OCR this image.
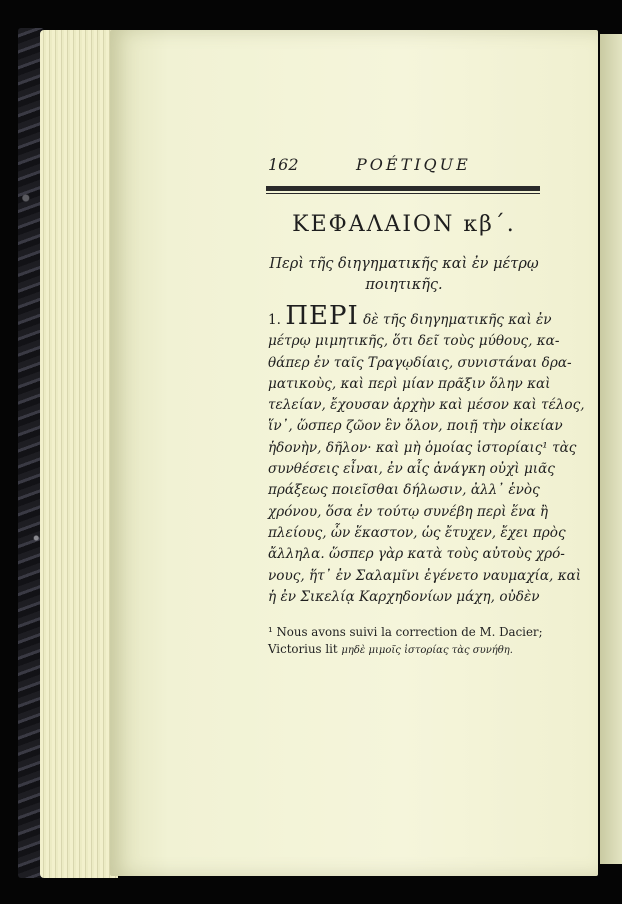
162	POÉTIQUE
ΚΕΦΑΛΑΙΟΝ κβ΄.
Περὶ τῆς διηγηματικῆς καὶ ἐν μέτρῳ
ποιητικῆς.
1. ΠΕΡΙ δὲ τῆς διηγηματικῆς καὶ ἐν
μέτρῳ μιμητικῆς, ὅτι δεῖ τοὺς μύθους, κα-
θάπερ ἐν ταῖς Τραγῳδίαις, συνιστάναι δρα-
ματικοὺς, καὶ περὶ μίαν πρᾶξιν ὅλην καὶ
τελείαν, ἔχουσαν ἀρχὴν καὶ μέσον καὶ τέλος,
ἵν᾽, ὥσπερ ζῶον ἓν ὅλον, ποιῇ τὴν οἰκείαν
ἡδονὴν, δῆλον· καὶ μὴ ὁμοίας ἱστορίαις¹ τὰς
συνθέσεις εἶναι, ἐν αἷς ἀνάγκη οὐχὶ μιᾶς
πράξεως ποιεῖσθαι δήλωσιν, ἀλλ᾽ ἑνὸς
χρόνου, ὅσα ἐν τούτῳ συνέβη περὶ ἕνα ἢ
πλείους, ὧν ἕκαστον, ὡς ἔτυχεν, ἔχει πρὸς
ἄλληλα. ὥσπερ γὰρ κατὰ τοὺς αὐτοὺς χρό-
νους, ἥτ᾽ ἐν Σαλαμῖνι ἐγένετο ναυμαχία, καὶ
ἡ ἐν Σικελίᾳ Καρχηδονίων μάχη, οὐδὲν
¹ Nous avons suivi la correction de M. Dacier;
Victorius lit μηδὲ μιμοῖς ἱστορίας τὰς συνήθη.
